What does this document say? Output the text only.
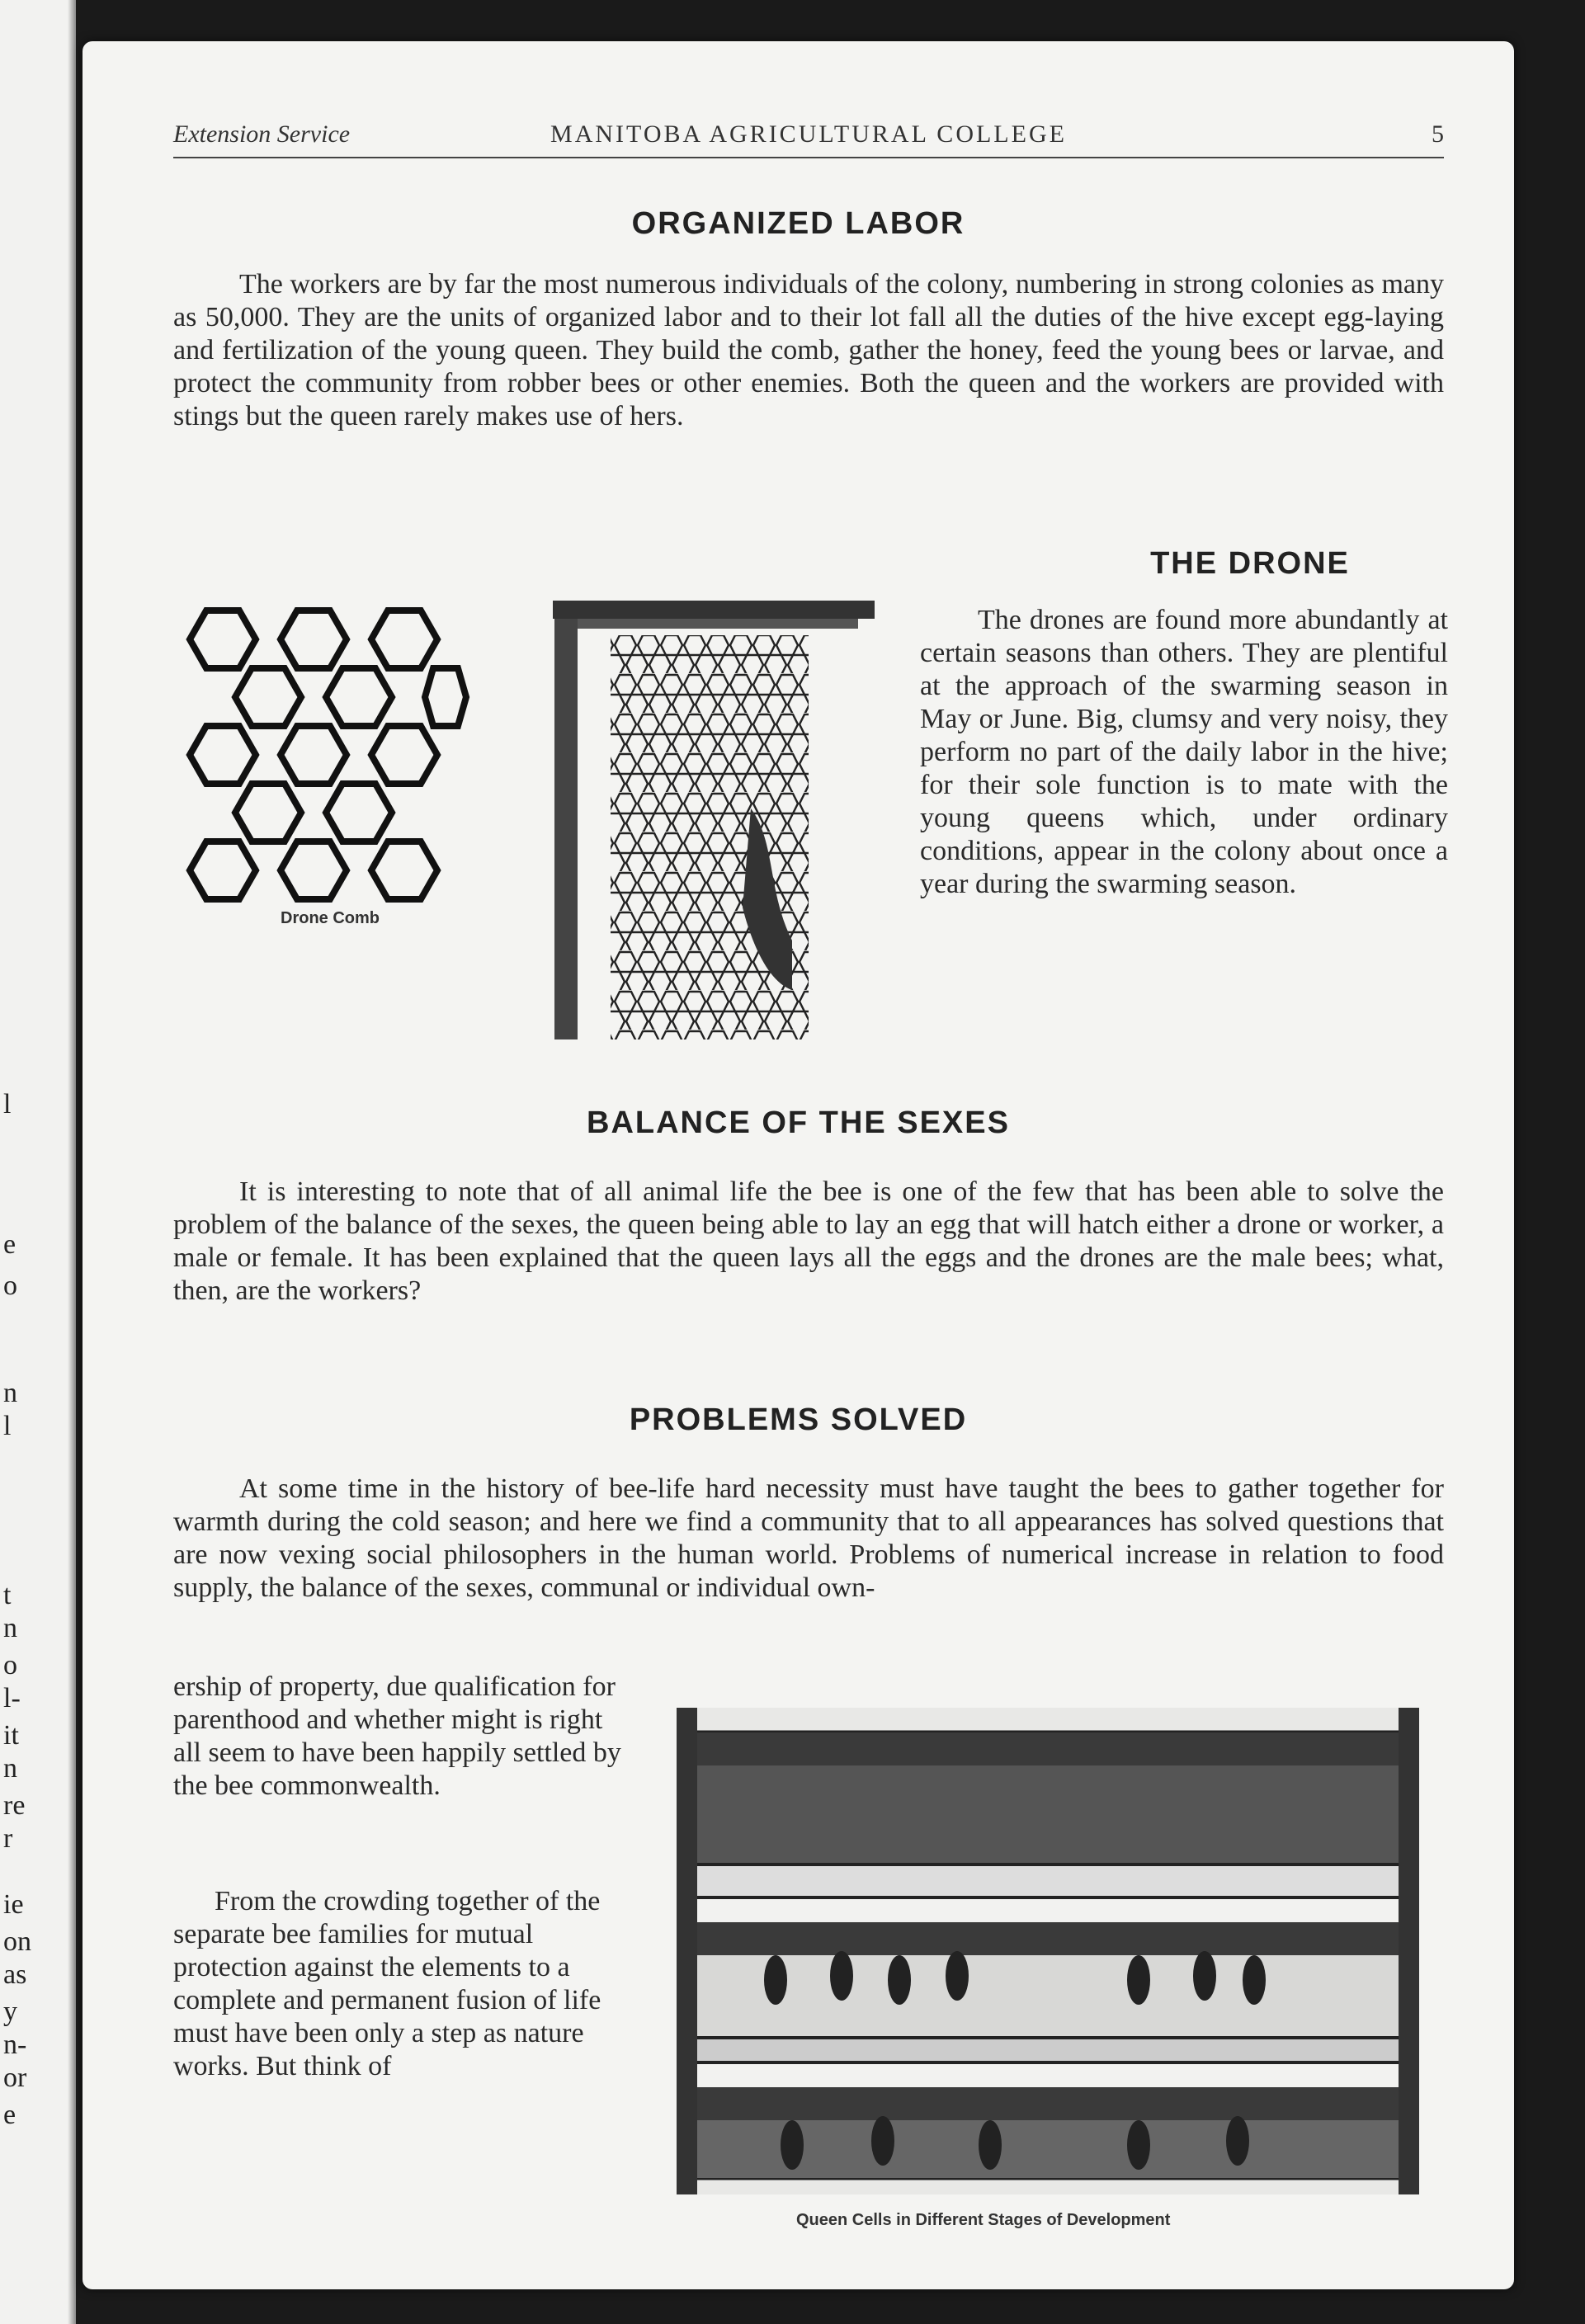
l
e
o
n
l
t
n
o
l-
it
n
re
r
ie
on
as
y
n-
or
e
MANITOBA AGRICULTURAL COLLEGE
Extension Service	5
ORGANIZED LABOR

The workers are by far the most numerous individuals of the colony, numbering in strong colonies as many as 50,000. They are the units of organized labor and to their lot fall all the duties of the hive except egg-laying and fertilization of the young queen. They build the comb, gather the honey, feed the young bees or larvae, and protect the community from robber bees or other enemies. Both the queen and the workers are provided with stings but the queen rarely makes use of hers.

THE DRONE

The drones are found more abundantly at certain seasons than others. They are plentiful at the approach of the swarming season in May or June. Big, clumsy and very noisy, they perform no part of the daily labor in the hive; for their sole function is to mate with the young queens which, under ordinary conditions, appear in the colony about once a year during the swarming season.

Drone Comb
BALANCE OF THE SEXES

It is interesting to note that of all animal life the bee is one of the few that has been able to solve the problem of the balance of the sexes, the queen being able to lay an egg that will hatch either a drone or worker, a male or female. It has been explained that the queen lays all the eggs and the drones are the male bees; what, then, are the workers?

PROBLEMS SOLVED

At some time in the history of bee-life hard necessity must have taught the bees to gather together for warmth during the cold season; and here we find a community that to all appearances has solved questions that are now vexing social philosophers in the human world. Problems of numerical increase in relation to food supply, the balance of the sexes, communal or individual own-

ership of property, due qualification for parenthood and whether might is right all seem to have been happily settled by the bee commonwealth.

From the crowding together of the separate bee families for mutual protection against the elements to a complete and permanent fusion of life must have been only a step as nature works. But think of

Queen Cells in Different Stages of Development
